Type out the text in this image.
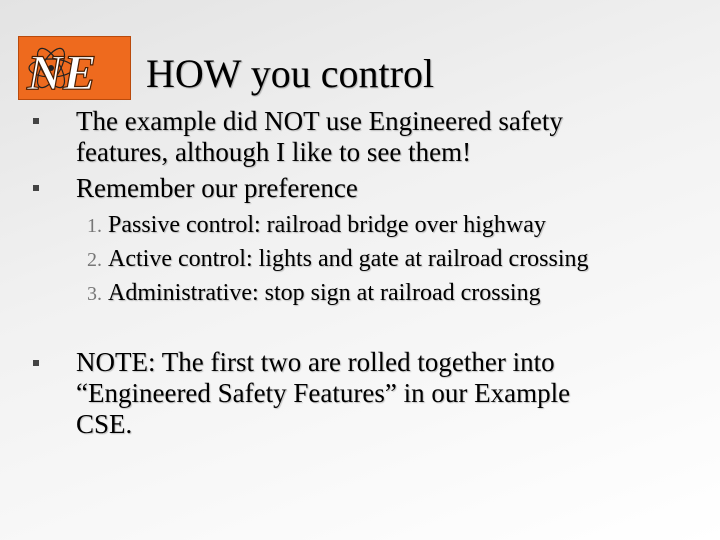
NE HOW you control

The example did NOT use Engineered safety

features, although I like to see them!

Remember our preference

1. Passive control: railroad bridge over highway

2. Active control: lights and gate at railroad crossing

3. Administrative: stop sign at railroad crossing

NOTE: The first two are rolled together into

“Engineered Safety Features” in our Example

CSE.
